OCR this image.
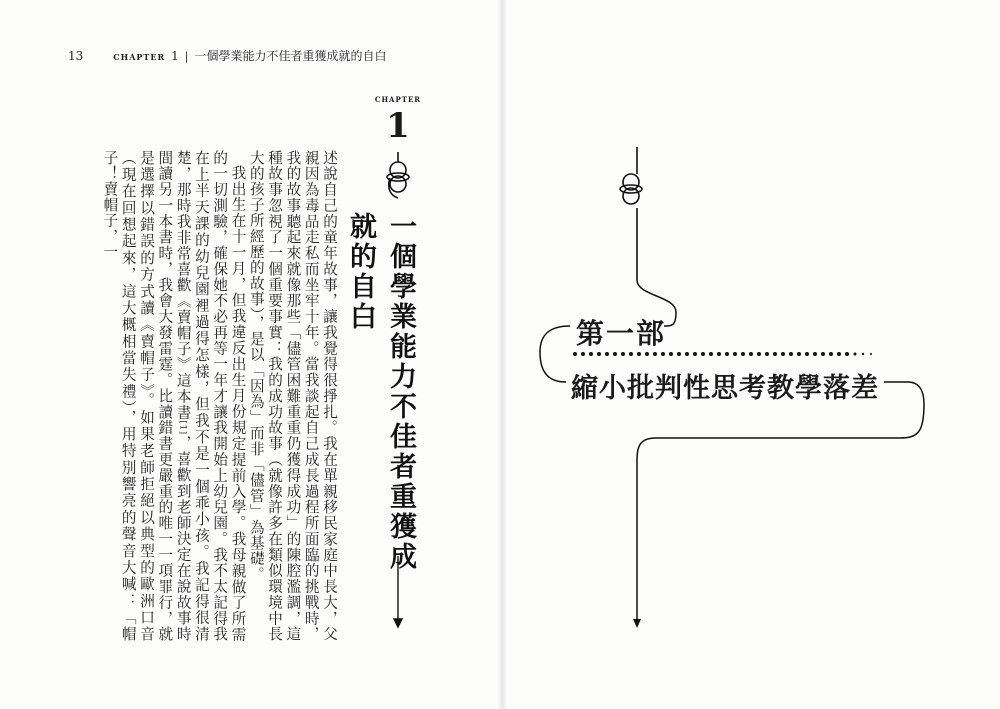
13	CHAPTER 1 | 一個學業能力不佳者重獲成就的自白

述說自己的童年故事，讓我覺得很掙扎。我在單親移民家庭中長大，父親因為毒品走私而坐牢十年。當我談起自己成長過程所面臨的挑戰時，我的故事聽起來就像那些「儘管困難重重仍獲得成功」的陳腔濫調，這種故事忽視了一個重要事實：我的成功故事（就像許多在類似環境中長大的孩子所經歷的故事），是以「因為」而非「儘管」為基礎。

我出生在十一月，但我違反出生月份規定提前入學。我母親做了所需的一切測驗，確保她不必再等一年才讓我開始上幼兒園。我不太記得我在上半天課的幼兒園裡過得怎樣，但我不是一個乖小孩。我記得很清楚，那時我非常喜歡《賣帽子》這本書[1]，喜歡到老師決定在說故事時間讀另一本書時，我會大發雷霆。比讀錯書更嚴重的唯一一項罪行，就是選擇以錯誤的方式讀《賣帽子》。如果老師拒絕以典型的歐洲口音（現在回想起來，這大概相當失禮），用特別響亮的聲音大喊：「帽子！賣帽子，一

CHAPTER
1
一個學業能力不佳者重獲成就的自白
第一部
縮小批判性思考教學落差
